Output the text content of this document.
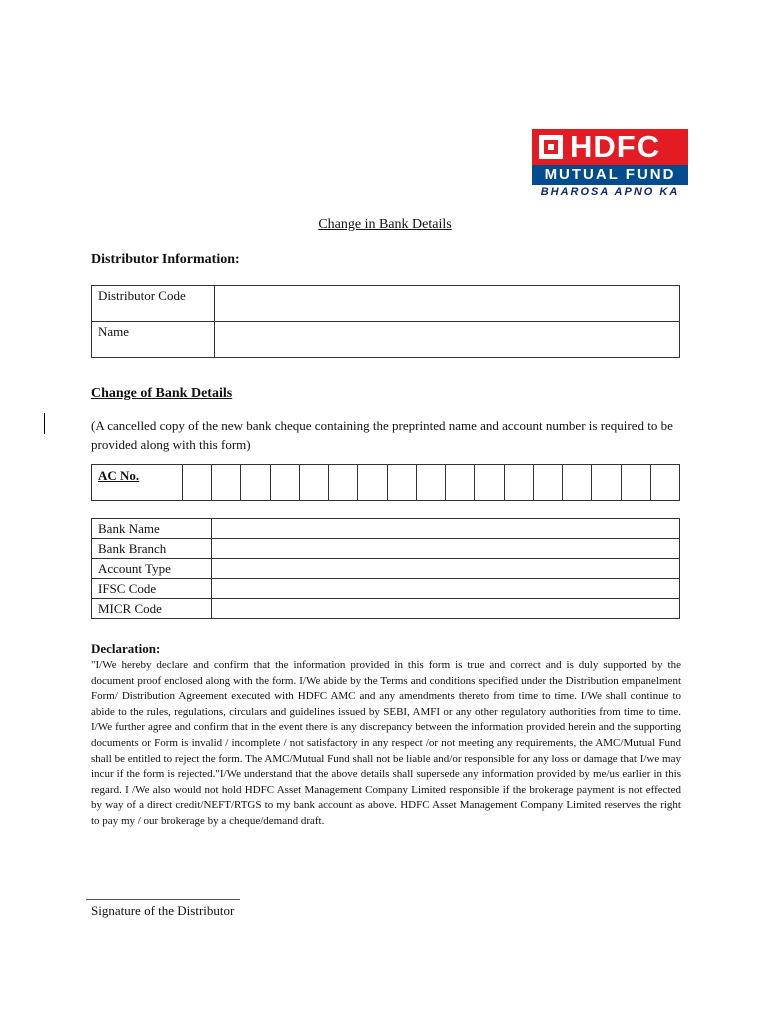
HDFC
MUTUAL FUND
BHAROSA APNO KA
Change in Bank Details
Distributor Information:
Distributor Code	
Name	
Change of Bank Details
(A cancelled copy of the new bank cheque containing the preprinted name and account number is required to be provided along with this form)
AC No.																	
Bank Name	
Bank Branch	
Account Type	
IFSC Code	
MICR Code	
Declaration:
"I/We hereby declare and confirm that the information provided in this form is true and correct and is duly supported by the document proof enclosed along with the form. I/We abide by the Terms and conditions specified under the Distribution empanelment Form/ Distribution Agreement executed with HDFC AMC and any amendments thereto from time to time. I/We shall continue to abide to the rules, regulations, circulars and guidelines issued by SEBI, AMFI or any other regulatory authorities from time to time. I/We further agree and confirm that in the event there is any discrepancy between the information provided herein and the supporting documents or Form is invalid / incomplete / not satisfactory in any respect /or not meeting any requirements, the AMC/Mutual Fund shall be entitled to reject the form. The AMC/Mutual Fund shall not be liable and/or responsible for any loss or damage that I/we may incur if the form is rejected."I/We understand that the above details shall supersede any information provided by me/us earlier in this regard. I /We also would not hold HDFC Asset Management Company Limited responsible if the brokerage payment is not effected by way of a direct credit/NEFT/RTGS to my bank account as above. HDFC Asset Management Company Limited reserves the right to pay my / our brokerage by a cheque/demand draft.
Signature of the Distributor
